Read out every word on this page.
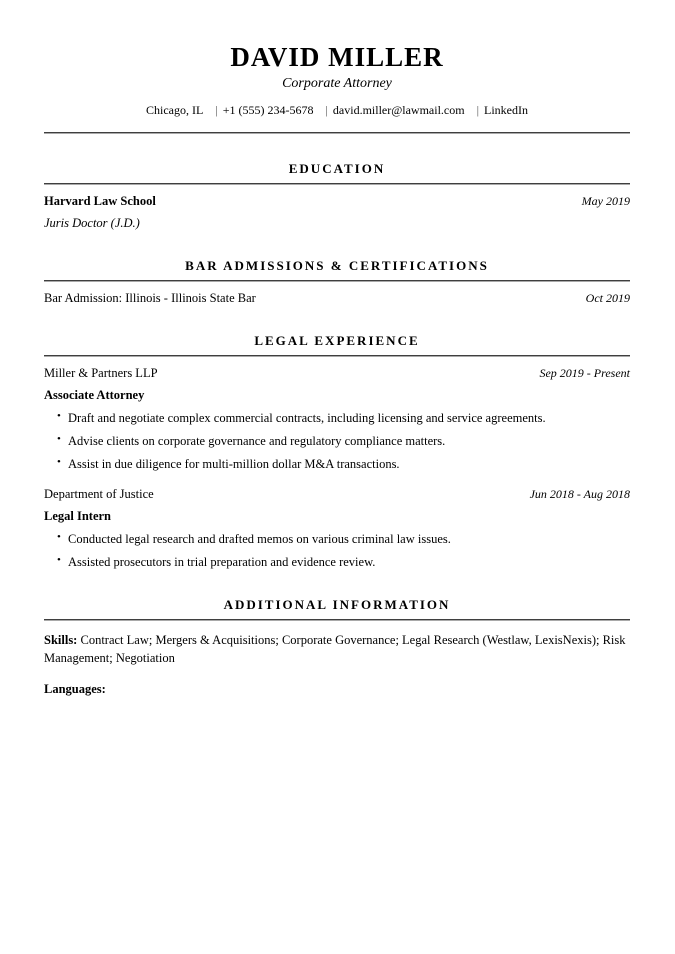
DAVID MILLER
Corporate Attorney
Chicago, IL | +1 (555) 234-5678 | david.miller@lawmail.com | LinkedIn
EDUCATION
Harvard Law School	May 2019
Juris Doctor (J.D.)
BAR ADMISSIONS & CERTIFICATIONS
Bar Admission: Illinois - Illinois State Bar	Oct 2019
LEGAL EXPERIENCE
Miller & Partners LLP	Sep 2019 - Present
Associate Attorney
• Draft and negotiate complex commercial contracts, including licensing and service agreements.
• Advise clients on corporate governance and regulatory compliance matters.
• Assist in due diligence for multi-million dollar M&A transactions.
Department of Justice	Jun 2018 - Aug 2018
Legal Intern
• Conducted legal research and drafted memos on various criminal law issues.
• Assisted prosecutors in trial preparation and evidence review.
ADDITIONAL INFORMATION

Skills: Contract Law; Mergers & Acquisitions; Corporate Governance; Legal Research (Westlaw, LexisNexis); Risk Management; Negotiation

Languages:
